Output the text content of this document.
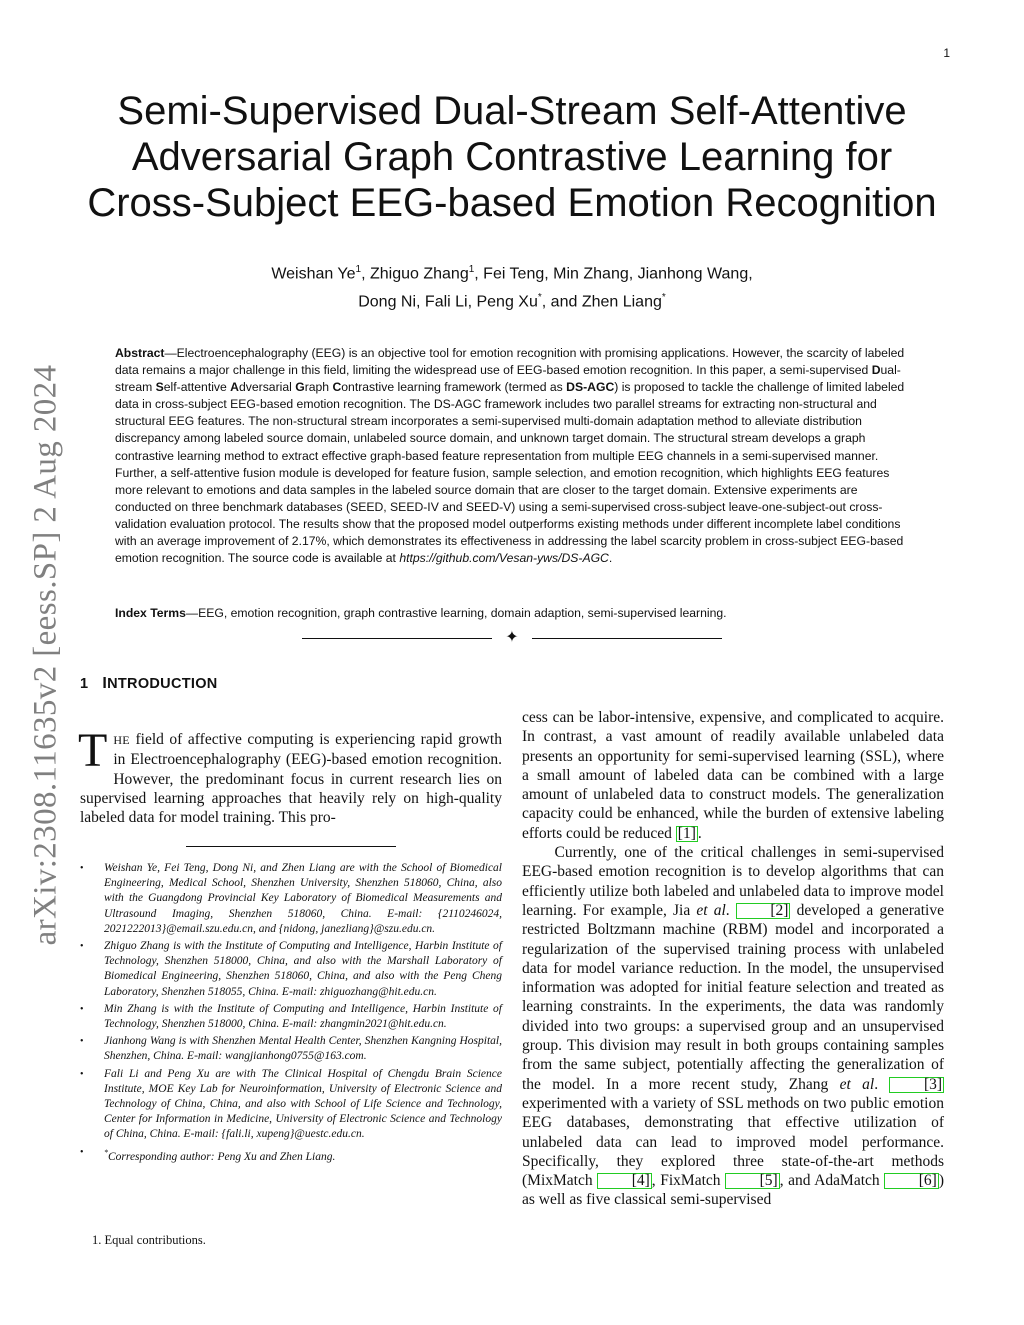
1
arXiv:2308.11635v2 [eess.SP] 2 Aug 2024
Semi-Supervised Dual-Stream Self-Attentive
Adversarial Graph Contrastive Learning for
Cross-Subject EEG-based Emotion Recognition
Weishan Ye$^1$, Zhiguo Zhang$^1$, Fei Teng, Min Zhang, Jianhong Wang,
Dong Ni, Fali Li, Peng Xu*, and Zhen Liang*
Abstract—Electroencephalography (EEG) is an objective tool for emotion recognition with promising applications. However, the scarcity of labeled data remains a major challenge in this field, limiting the widespread use of EEG-based emotion recognition. In this paper, a semi-supervised Dual-stream Self-attentive Adversarial Graph Contrastive learning framework (termed as DS-AGC) is proposed to tackle the challenge of limited labeled data in cross-subject EEG-based emotion recognition. The DS-AGC framework includes two parallel streams for extracting non-structural and structural EEG features. The non-structural stream incorporates a semi-supervised multi-domain adaptation method to alleviate distribution discrepancy among labeled source domain, unlabeled source domain, and unknown target domain. The structural stream develops a graph contrastive learning method to extract effective graph-based feature representation from multiple EEG channels in a semi-supervised manner. Further, a self-attentive fusion module is developed for feature fusion, sample selection, and emotion recognition, which highlights EEG features more relevant to emotions and data samples in the labeled source domain that are closer to the target domain. Extensive experiments are conducted on three benchmark databases (SEED, SEED-IV and SEED-V) using a semi-supervised cross-subject leave-one-subject-out cross-validation evaluation protocol. The results show that the proposed model outperforms existing methods under different incomplete label conditions with an average improvement of 2.17%, which demonstrates its effectiveness in addressing the label scarcity problem in cross-subject EEG-based emotion recognition. The source code is available at https://github.com/Vesan-yws/DS-AGC.
Index Terms—EEG, emotion recognition, graph contrastive learning, domain adaption, semi-supervised learning.
✦
1 INTRODUCTION
THE field of affective computing is experiencing rapid growth in Electroencephalography (EEG)-based emotion recognition. However, the predominant focus in current research lies on supervised learning approaches that heavily rely on high-quality labeled data for model training. This pro-
• Weishan Ye, Fei Teng, Dong Ni, and Zhen Liang are with the School of Biomedical Engineering, Medical School, Shenzhen University, Shenzhen 518060, China, also with the Guangdong Provincial Key Laboratory of Biomedical Measurements and Ultrasound Imaging, Shenzhen 518060, China. E-mail: {2110246024, 2021222013}@email.szu.edu.cn, and {nidong, janezliang}@szu.edu.cn.
• Zhiguo Zhang is with the Institute of Computing and Intelligence, Harbin Institute of Technology, Shenzhen 518000, China, and also with the Marshall Laboratory of Biomedical Engineering, Shenzhen 518060, China, and also with the Peng Cheng Laboratory, Shenzhen 518055, China. E-mail: zhiguozhang@hit.edu.cn.
• Min Zhang is with the Institute of Computing and Intelligence, Harbin Institute of Technology, Shenzhen 518000, China. E-mail: zhangmin2021@hit.edu.cn.
• Jianhong Wang is with Shenzhen Mental Health Center, Shenzhen Kangning Hospital, Shenzhen, China. E-mail: wangjianhong0755@163.com.
• Fali Li and Peng Xu are with The Clinical Hospital of Chengdu Brain Science Institute, MOE Key Lab for Neuroinformation, University of Electronic Science and Technology of China, China, and also with School of Life Science and Technology, Center for Information in Medicine, University of Electronic Science and Technology of China, China. E-mail: {fali.li, xupeng}@uestc.edu.cn.
•	*Corresponding author: Peng Xu and Zhen Liang.
1. Equal contributions.

cess can be labor-intensive, expensive, and complicated to acquire. In contrast, a vast amount of readily available unlabeled data presents an opportunity for semi-supervised learning (SSL), where a small amount of labeled data can be combined with a large amount of unlabeled data to construct models. The generalization capacity could be enhanced, while the burden of extensive labeling efforts could be reduced [1] .

Currently, one of the critical challenges in semi-supervised EEG-based emotion recognition is to develop algorithms that can efficiently utilize both labeled and unlabeled data to improve model learning. For example, Jia et al. [2] developed a generative restricted Boltzmann machine (RBM) model and incorporated a regularization of the supervised training process with unlabeled data for model variance reduction. In the model, the unsupervised information was adopted for initial feature selection and treated as learning constraints. In the experiments, the data was randomly divided into two groups: a supervised group and an unsupervised group. This division may result in both groups containing samples from the same subject, potentially affecting the generalization of the model. In a more recent study, Zhang et al. [3] experimented with a variety of SSL methods on two public emotion EEG databases, demonstrating that effective utilization of unlabeled data can lead to improved model performance. Specifically, they explored three state-of-the-art methods (MixMatch [4] , FixMatch [5] , and AdaMatch [6] ) as well as five classical semi-supervised
